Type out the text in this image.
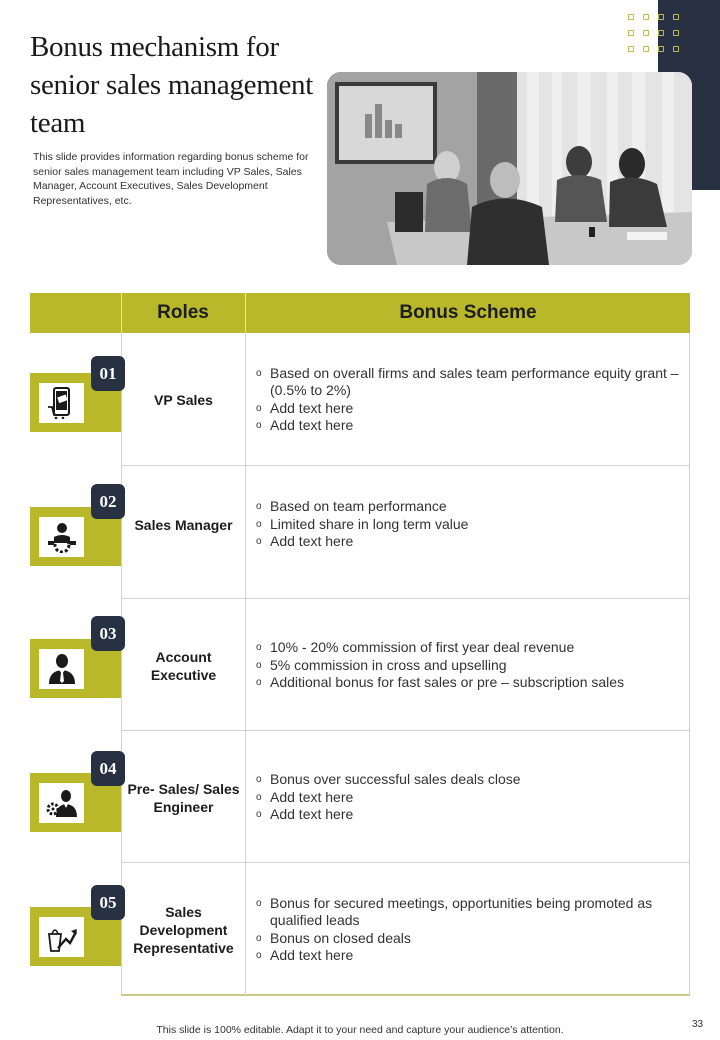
Bonus mechanism for senior sales management team
This slide provides information regarding bonus scheme for senior sales management team including VP Sales, Sales Manager, Account Executives, Sales Development Representatives, etc.
Roles	Bonus Scheme
01
VP Sales
o Based on overall firms and sales team performance equity grant – (0.5% to 2%)
o Add text here
o Add text here
02
Sales Manager
o Based on team performance
o Limited share in long term value
o Add text here
03
Account Executive
o 10% - 20% commission of first year deal revenue
o 5% commission in cross and upselling
o Additional bonus for fast sales or pre – subscription sales
04
Pre- Sales/ Sales Engineer
o Bonus over successful sales deals close
o Add text here
o Add text here
05	Sales Development Representative
o Bonus for secured meetings, opportunities being promoted as qualified leads
o Bonus on closed deals
o Add text here
This slide is 100% editable. Adapt it to your need and capture your audience’s attention.	33
